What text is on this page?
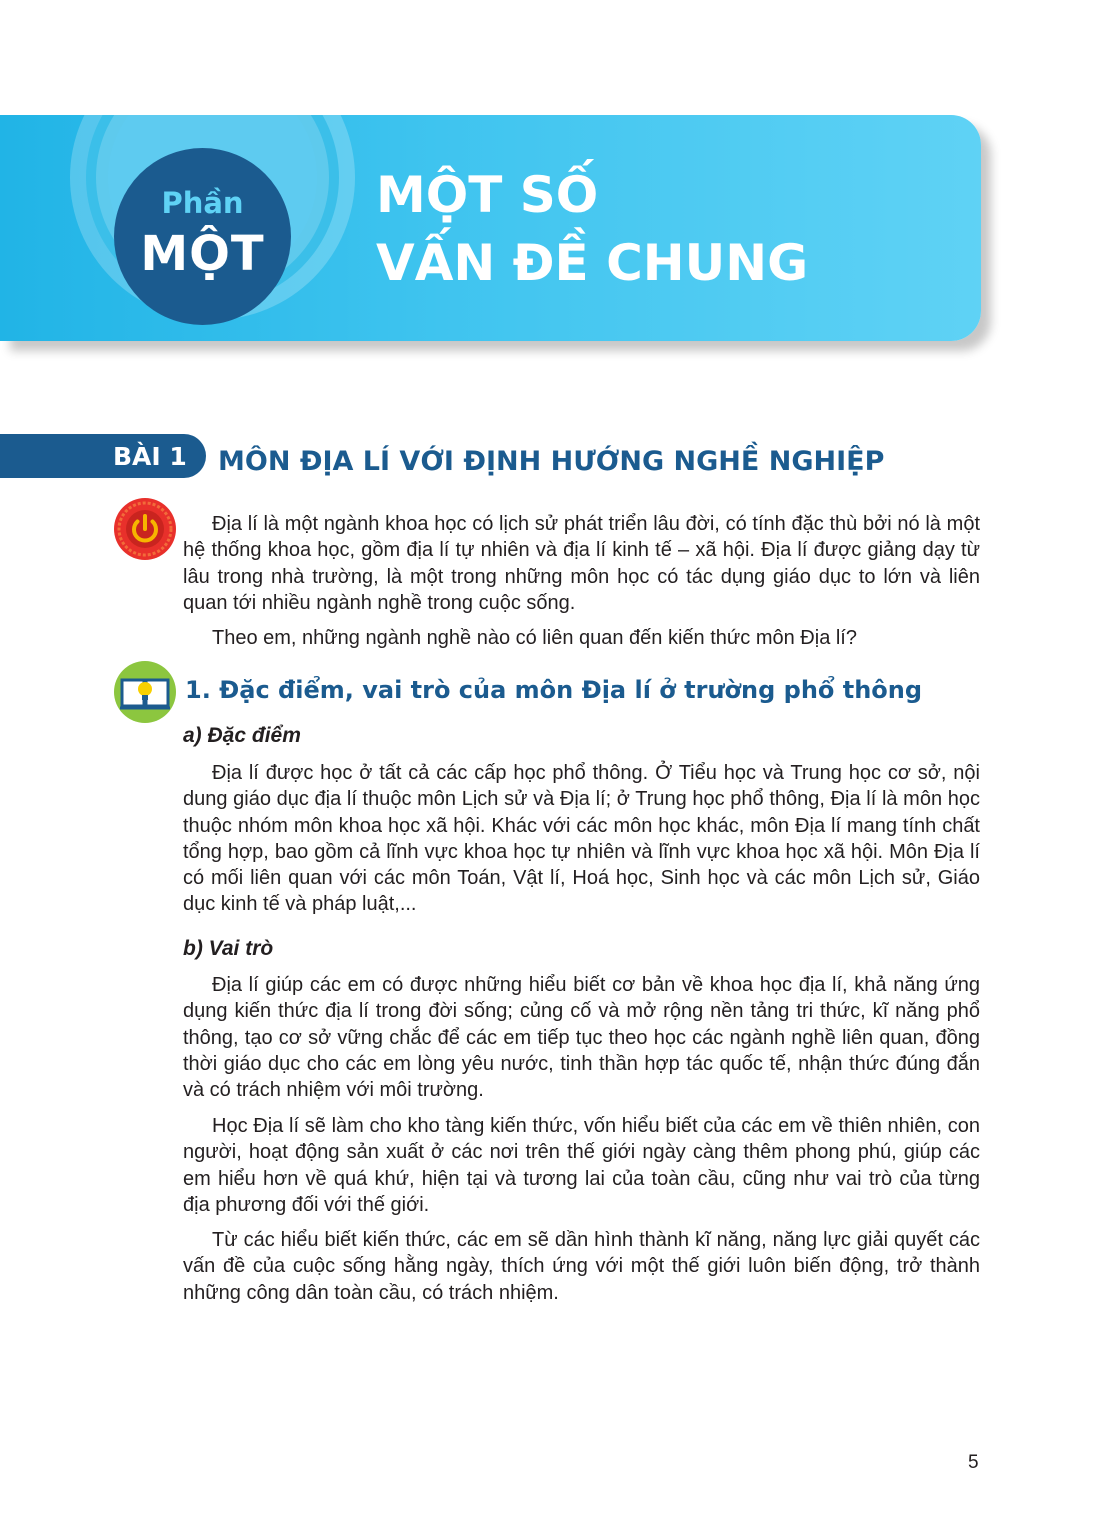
Phần
MỘT
MỘT SỐ
VẤN ĐỀ CHUNG
BÀI 1 MÔN ĐỊA LÍ VỚI ĐỊNH HƯỚNG NGHỀ NGHIỆP

Địa lí là một ngành khoa học có lịch sử phát triển lâu đời, có tính đặc thù bởi nó là một hệ thống khoa học, gồm địa lí tự nhiên và địa lí kinh tế – xã hội. Địa lí được giảng dạy từ lâu trong nhà trường, là một trong những môn học có tác dụng giáo dục to lớn và liên quan tới nhiều ngành nghề trong cuộc sống.

Theo em, những ngành nghề nào có liên quan đến kiến thức môn Địa lí?

1. Đặc điểm, vai trò của môn Địa lí ở trường phổ thông
a) Đặc điểm

Địa lí được học ở tất cả các cấp học phổ thông. Ở Tiểu học và Trung học cơ sở, nội dung giáo dục địa lí thuộc môn Lịch sử và Địa lí; ở Trung học phổ thông, Địa lí là môn học thuộc nhóm môn khoa học xã hội. Khác với các môn học khác, môn Địa lí mang tính chất tổng hợp, bao gồm cả lĩnh vực khoa học tự nhiên và lĩnh vực khoa học xã hội. Môn Địa lí có mối liên quan với các môn Toán, Vật lí, Hoá học, Sinh học và các môn Lịch sử, Giáo dục kinh tế và pháp luật,...

b) Vai trò

Địa lí giúp các em có được những hiểu biết cơ bản về khoa học địa lí, khả năng ứng dụng kiến thức địa lí trong đời sống; củng cố và mở rộng nền tảng tri thức, kĩ năng phổ thông, tạo cơ sở vững chắc để các em tiếp tục theo học các ngành nghề liên quan, đồng thời giáo dục cho các em lòng yêu nước, tinh thần hợp tác quốc tế, nhận thức đúng đắn và có trách nhiệm với môi trường.

Học Địa lí sẽ làm cho kho tàng kiến thức, vốn hiểu biết của các em về thiên nhiên, con người, hoạt động sản xuất ở các nơi trên thế giới ngày càng thêm phong phú, giúp các em hiểu hơn về quá khứ, hiện tại và tương lai của toàn cầu, cũng như vai trò của từng địa phương đối với thế giới.

Từ các hiểu biết kiến thức, các em sẽ dần hình thành kĩ năng, năng lực giải quyết các vấn đề của cuộc sống hằng ngày, thích ứng với một thế giới luôn biến động, trở thành những công dân toàn cầu, có trách nhiệm.

5
